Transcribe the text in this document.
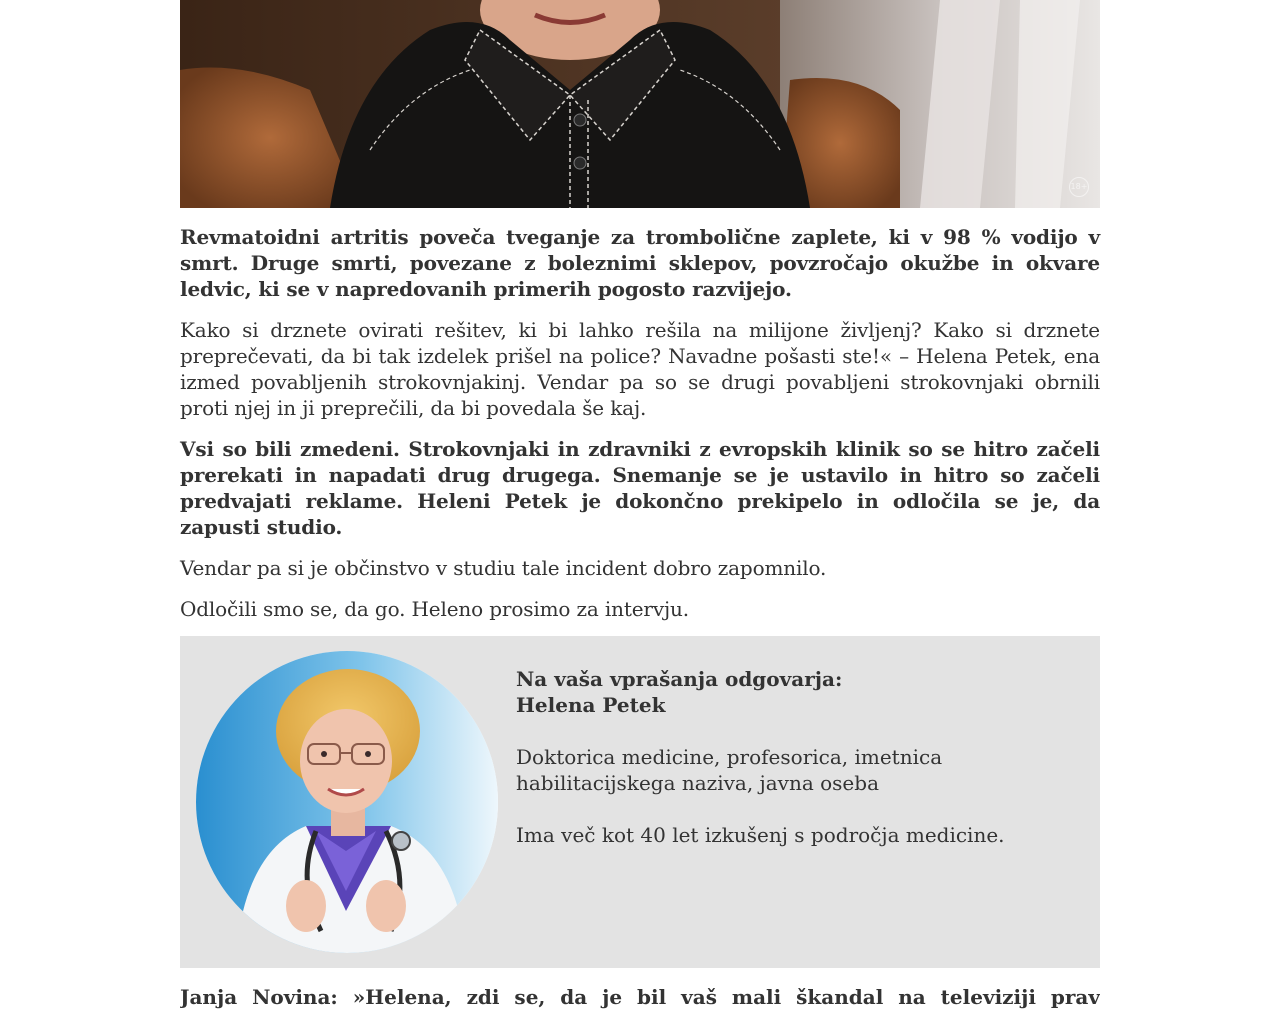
18+

Revmatoidni artritis poveča tveganje za trombolične zaplete, ki v 98 % vodijo v smrt. Druge smrti, povezane z boleznimi sklepov, povzročajo okužbe in okvare ledvic, ki se v napredovanih primerih pogosto razvijejo.

Kako si drznete ovirati rešitev, ki bi lahko rešila na milijone življenj? Kako si drznete preprečevati, da bi tak izdelek prišel na police? Navadne pošasti ste!« – Helena Petek, ena izmed povabljenih strokovnjakinj. Vendar pa so se drugi povabljeni strokovnjaki obrnili proti njej in ji preprečili, da bi povedala še kaj.

Vsi so bili zmedeni. Strokovnjaki in zdravniki z evropskih klinik so se hitro začeli prerekati in napadati drug drugega. Snemanje se je ustavilo in hitro so začeli predvajati reklame. Heleni Petek je dokončno prekipelo in odločila se je, da zapusti studio.

Vendar pa si je občinstvo v studiu tale incident dobro zapomnilo.

Odločili smo se, da go. Heleno prosimo za intervju.

Na vaša vprašanja odgovarja:
Helena Petek
Doktorica medicine, profesorica, imetnica habilitacijskega naziva, javna oseba
Ima več kot 40 let izkušenj s področja medicine.
Janja Novina: »Helena, zdi se, da je bil vaš mali škandal na televiziji prav
